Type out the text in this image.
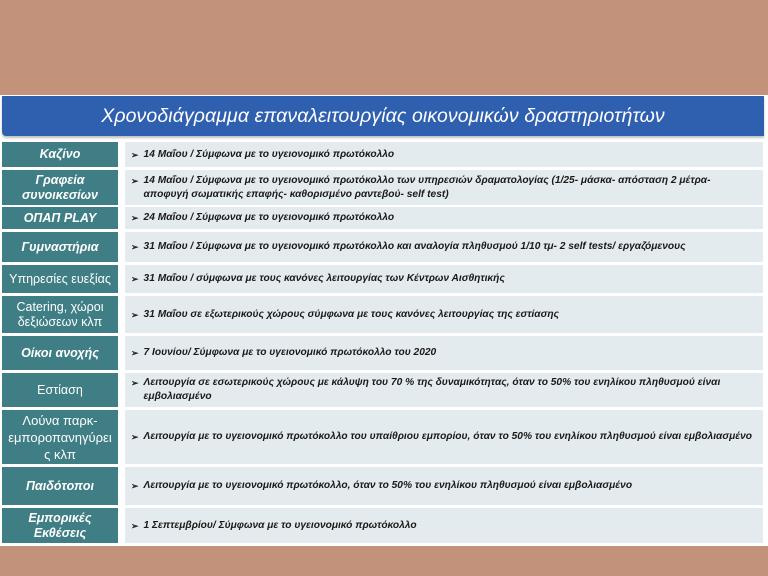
Χρονοδιάγραμμα επαναλειτουργίας οικονομικών δραστηριοτήτων
Καζίνο	➢ 14 Μαΐου / Σύμφωνα με το υγειονομικό πρωτόκολλο
Γραφεία συνοικεσίων
➢ 14 Μαΐου / Σύμφωνα με το υγειονομικό πρωτόκολλο των υπηρεσιών δραματολογίας (1/25- μάσκα- απόσταση 2 μέτρα- αποφυγή σωματικής επαφής- καθορισμένο ραντεβού- self test)
ΟΠΑΠ PLAY	➢ 24 Μαΐου / Σύμφωνα με το υγειονομικό πρωτόκολλο
Γυμναστήρια	➢ 31 Μαΐου / Σύμφωνα με το υγειονομικό πρωτόκολλο και αναλογία πληθυσμού 1/10 τμ- 2 self tests/ εργαζόμενους
Υπηρεσίες ευεξίας	➢ 31 Μαΐου / σύμφωνα με τους κανόνες λειτουργίας των Κέντρων Αισθητικής
Catering, χώροι δεξιώσεων κλπ	➢ 31 Μαΐου σε εξωτερικούς χώρους σύμφωνα με τους κανόνες λειτουργίας της εστίασης
Οίκοι ανοχής	➢ 7 Ιουνίου/ Σύμφωνα με το υγειονομικό πρωτόκολλο του 2020
Εστίαση	➢ Λειτουργία σε εσωτερικούς χώρους με κάλυψη του 70 % της δυναμικότητας, όταν το 50% του ενηλίκου πληθυσμού είναι εμβολιασμένο
Λούνα παρκ- εμποροπανηγύρει ς κλπ
➢ Λειτουργία με το υγειονομικό πρωτόκολλο του υπαίθριου εμπορίου, όταν το 50% του ενηλίκου πληθυσμού είναι εμβολιασμένο
Παιδότοποι	➢ Λειτουργία με το υγειονομικό πρωτόκολλο, όταν το 50% του ενηλίκου πληθυσμού είναι εμβολιασμένο
Εμπορικές Εκθέσεις	➢ 1 Σεπτεμβρίου/ Σύμφωνα με το υγειονομικό πρωτόκολλο
